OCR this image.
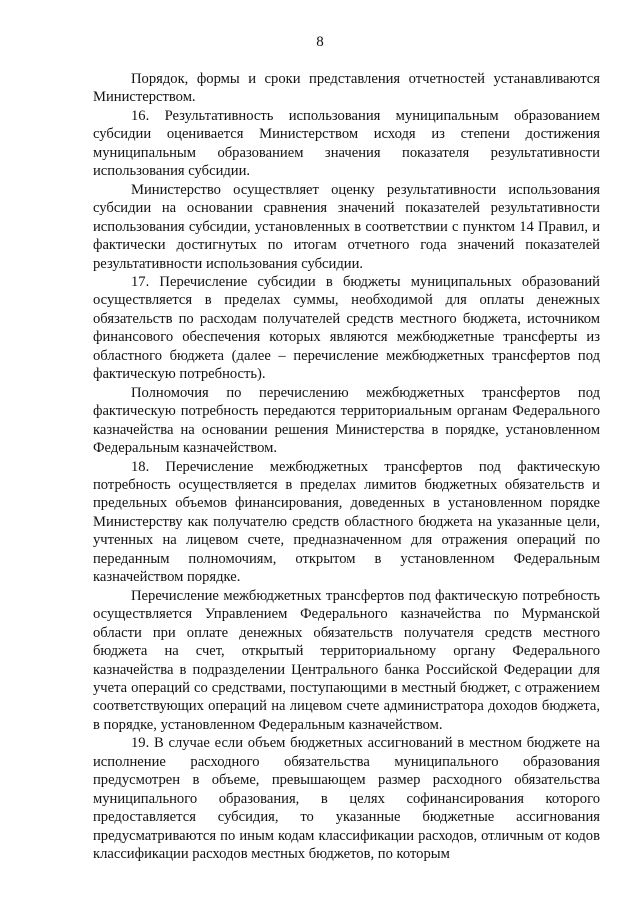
8

Порядок, формы и сроки представления отчетностей устанавливаются Министерством.

16. Результативность использования муниципальным образованием субсидии оценивается Министерством исходя из степени достижения муниципальным образованием значения показателя результативности использования субсидии.

Министерство осуществляет оценку результативности использования субсидии на основании сравнения значений показателей результативности использования субсидии, установленных в соответствии с пунктом 14 Правил, и фактически достигнутых по итогам отчетного года значений показателей результативности использования субсидии.

17. Перечисление субсидии в бюджеты муниципальных образований осуществляется в пределах суммы, необходимой для оплаты денежных обязательств по расходам получателей средств местного бюджета, источником финансового обеспечения которых являются межбюджетные трансферты из областного бюджета (далее – перечисление межбюджетных трансфертов под фактическую потребность).

Полномочия по перечислению межбюджетных трансфертов под фактическую потребность передаются территориальным органам Федерального казначейства на основании решения Министерства в порядке, установленном Федеральным казначейством.

18. Перечисление межбюджетных трансфертов под фактическую потребность осуществляется в пределах лимитов бюджетных обязательств и предельных объемов финансирования, доведенных в установленном порядке Министерству как получателю средств областного бюджета на указанные цели, учтенных на лицевом счете, предназначенном для отражения операций по переданным полномочиям, открытом в установленном Федеральным казначейством порядке.

Перечисление межбюджетных трансфертов под фактическую потребность осуществляется Управлением Федерального казначейства по Мурманской области при оплате денежных обязательств получателя средств местного бюджета на счет, открытый территориальному органу Федерального казначейства в подразделении Центрального банка Российской Федерации для учета операций со средствами, поступающими в местный бюджет, с отражением соответствующих операций на лицевом счете администратора доходов бюджета, в порядке, установленном Федеральным казначейством.

19. В случае если объем бюджетных ассигнований в местном бюджете на исполнение расходного обязательства муниципального образования предусмотрен в объеме, превышающем размер расходного обязательства муниципального образования, в целях софинансирования которого предоставляется субсидия, то указанные бюджетные ассигнования предусматриваются по иным кодам классификации расходов, отличным от кодов классификации расходов местных бюджетов, по которым
